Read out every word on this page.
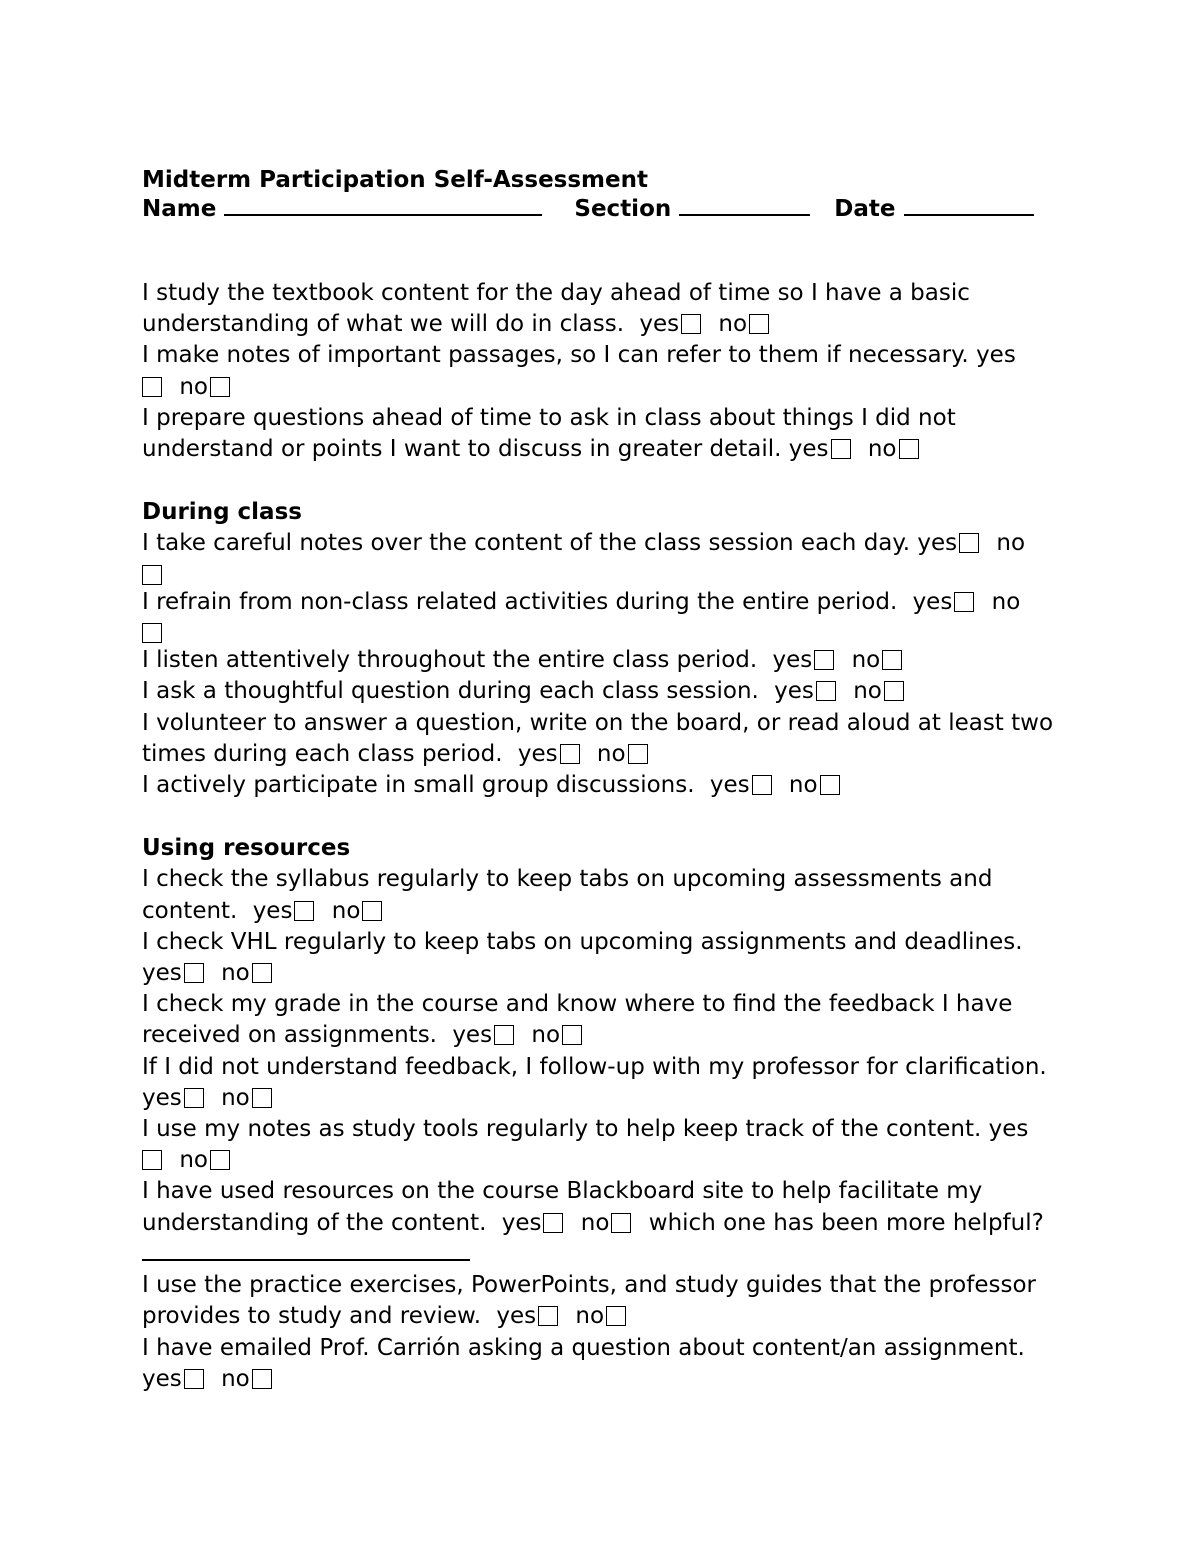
Midterm Participation Self-Assessment
Name	Section	Date
I study the textbook content for the day ahead of time so I have a basic understanding of what we will do in class. yes no
I make notes of important passages, so I can refer to them if necessary. yes
no
I prepare questions ahead of time to ask in class about things I did not understand or points I want to discuss in greater detail. yes no
During class
I take careful notes over the content of the class session each day. yes no

I refrain from non-class related activities during the entire period. yes no

I listen attentively throughout the entire class period. yes no
I ask a thoughtful question during each class session. yes no
I volunteer to answer a question, write on the board, or read aloud at least two times during each class period. yes no
I actively participate in small group discussions. yes no
Using resources
I check the syllabus regularly to keep tabs on upcoming assessments and content. yes no
I check VHL regularly to keep tabs on upcoming assignments and deadlines.
yes no
I check my grade in the course and know where to find the feedback I have received on assignments. yes no
If I did not understand feedback, I follow-up with my professor for clarification. yes no
I use my notes as study tools regularly to help keep track of the content. yes
no
I have used resources on the course Blackboard site to help facilitate my understanding of the content. yes no which one has been more helpful?
I use the practice exercises, PowerPoints, and study guides that the professor provides to study and review. yes no
I have emailed Prof. Carrión asking a question about content/an assignment.
yes no
